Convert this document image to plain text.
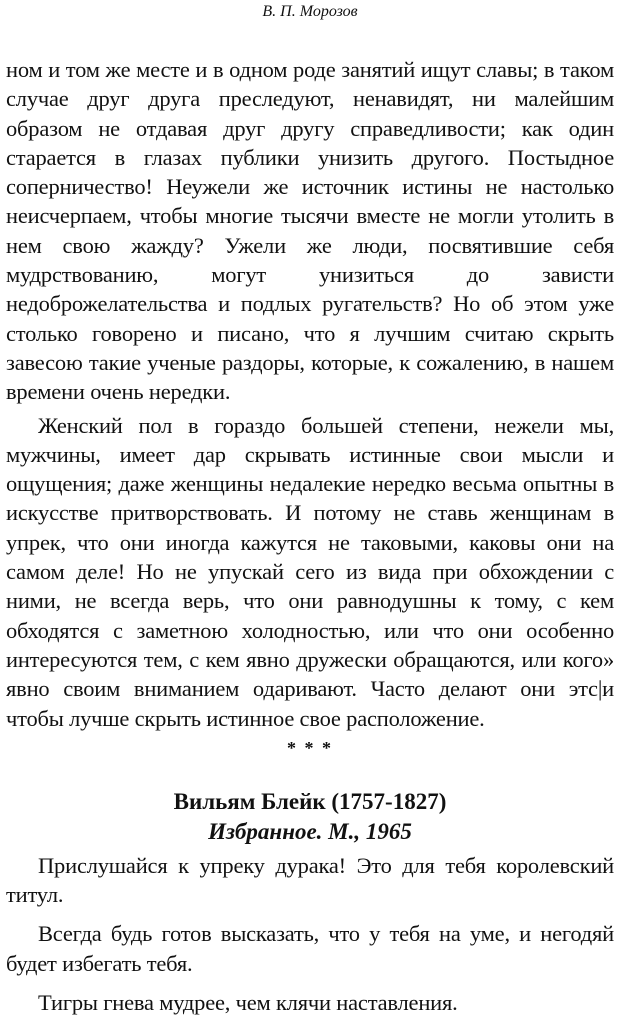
В. П. Морозов

ном и том же месте и в одном роде занятий ищут славы; в таком случае друг друга преследуют, ненавидят, ни малейшим образом не отдавая друг другу справедливости; как один старается в глазах публики унизить другого. Постыдное соперничество! Неужели же источник истины не настолько неисчерпаем, чтобы многие тысячи вместе не могли утолить в нем свою жажду? Ужели же люди, посвятившие себя мудрствованию, могут унизиться до зависти недоброжелательства и подлых ругательств? Но об этом уже столько говорено и писано, что я лучшим считаю скрыть завесою такие ученые раздоры, которые, к сожалению, в нашем времени очень нередки.

Женский пол в гораздо большей степени, нежели мы, мужчины, имеет дар скрывать истинные свои мысли и ощущения; даже женщины недалекие нередко весьма опытны в искусстве притворствовать. И потому не ставь женщинам в упрек, что они иногда кажутся не таковыми, каковы они на самом деле! Но не упускай сего из вида при обхождении с ними, не всегда верь, что они равнодушны к тому, с кем обходятся с заметною холодностью, или что они особенно интересуются тем, с кем явно дружески обращаются, или кого» явно своим вниманием одаривают. Часто делают они этс|и чтобы лучше скрыть истинное свое расположение.

* * *
Вильям Блейк (1757-1827)
Избранное. М., 1965

Прислушайся к упреку дурака! Это для тебя королевский титул.

Всегда будь готов высказать, что у тебя на уме, и негодяй будет избегать тебя.

Тигры гнева мудрее, чем клячи наставления.
